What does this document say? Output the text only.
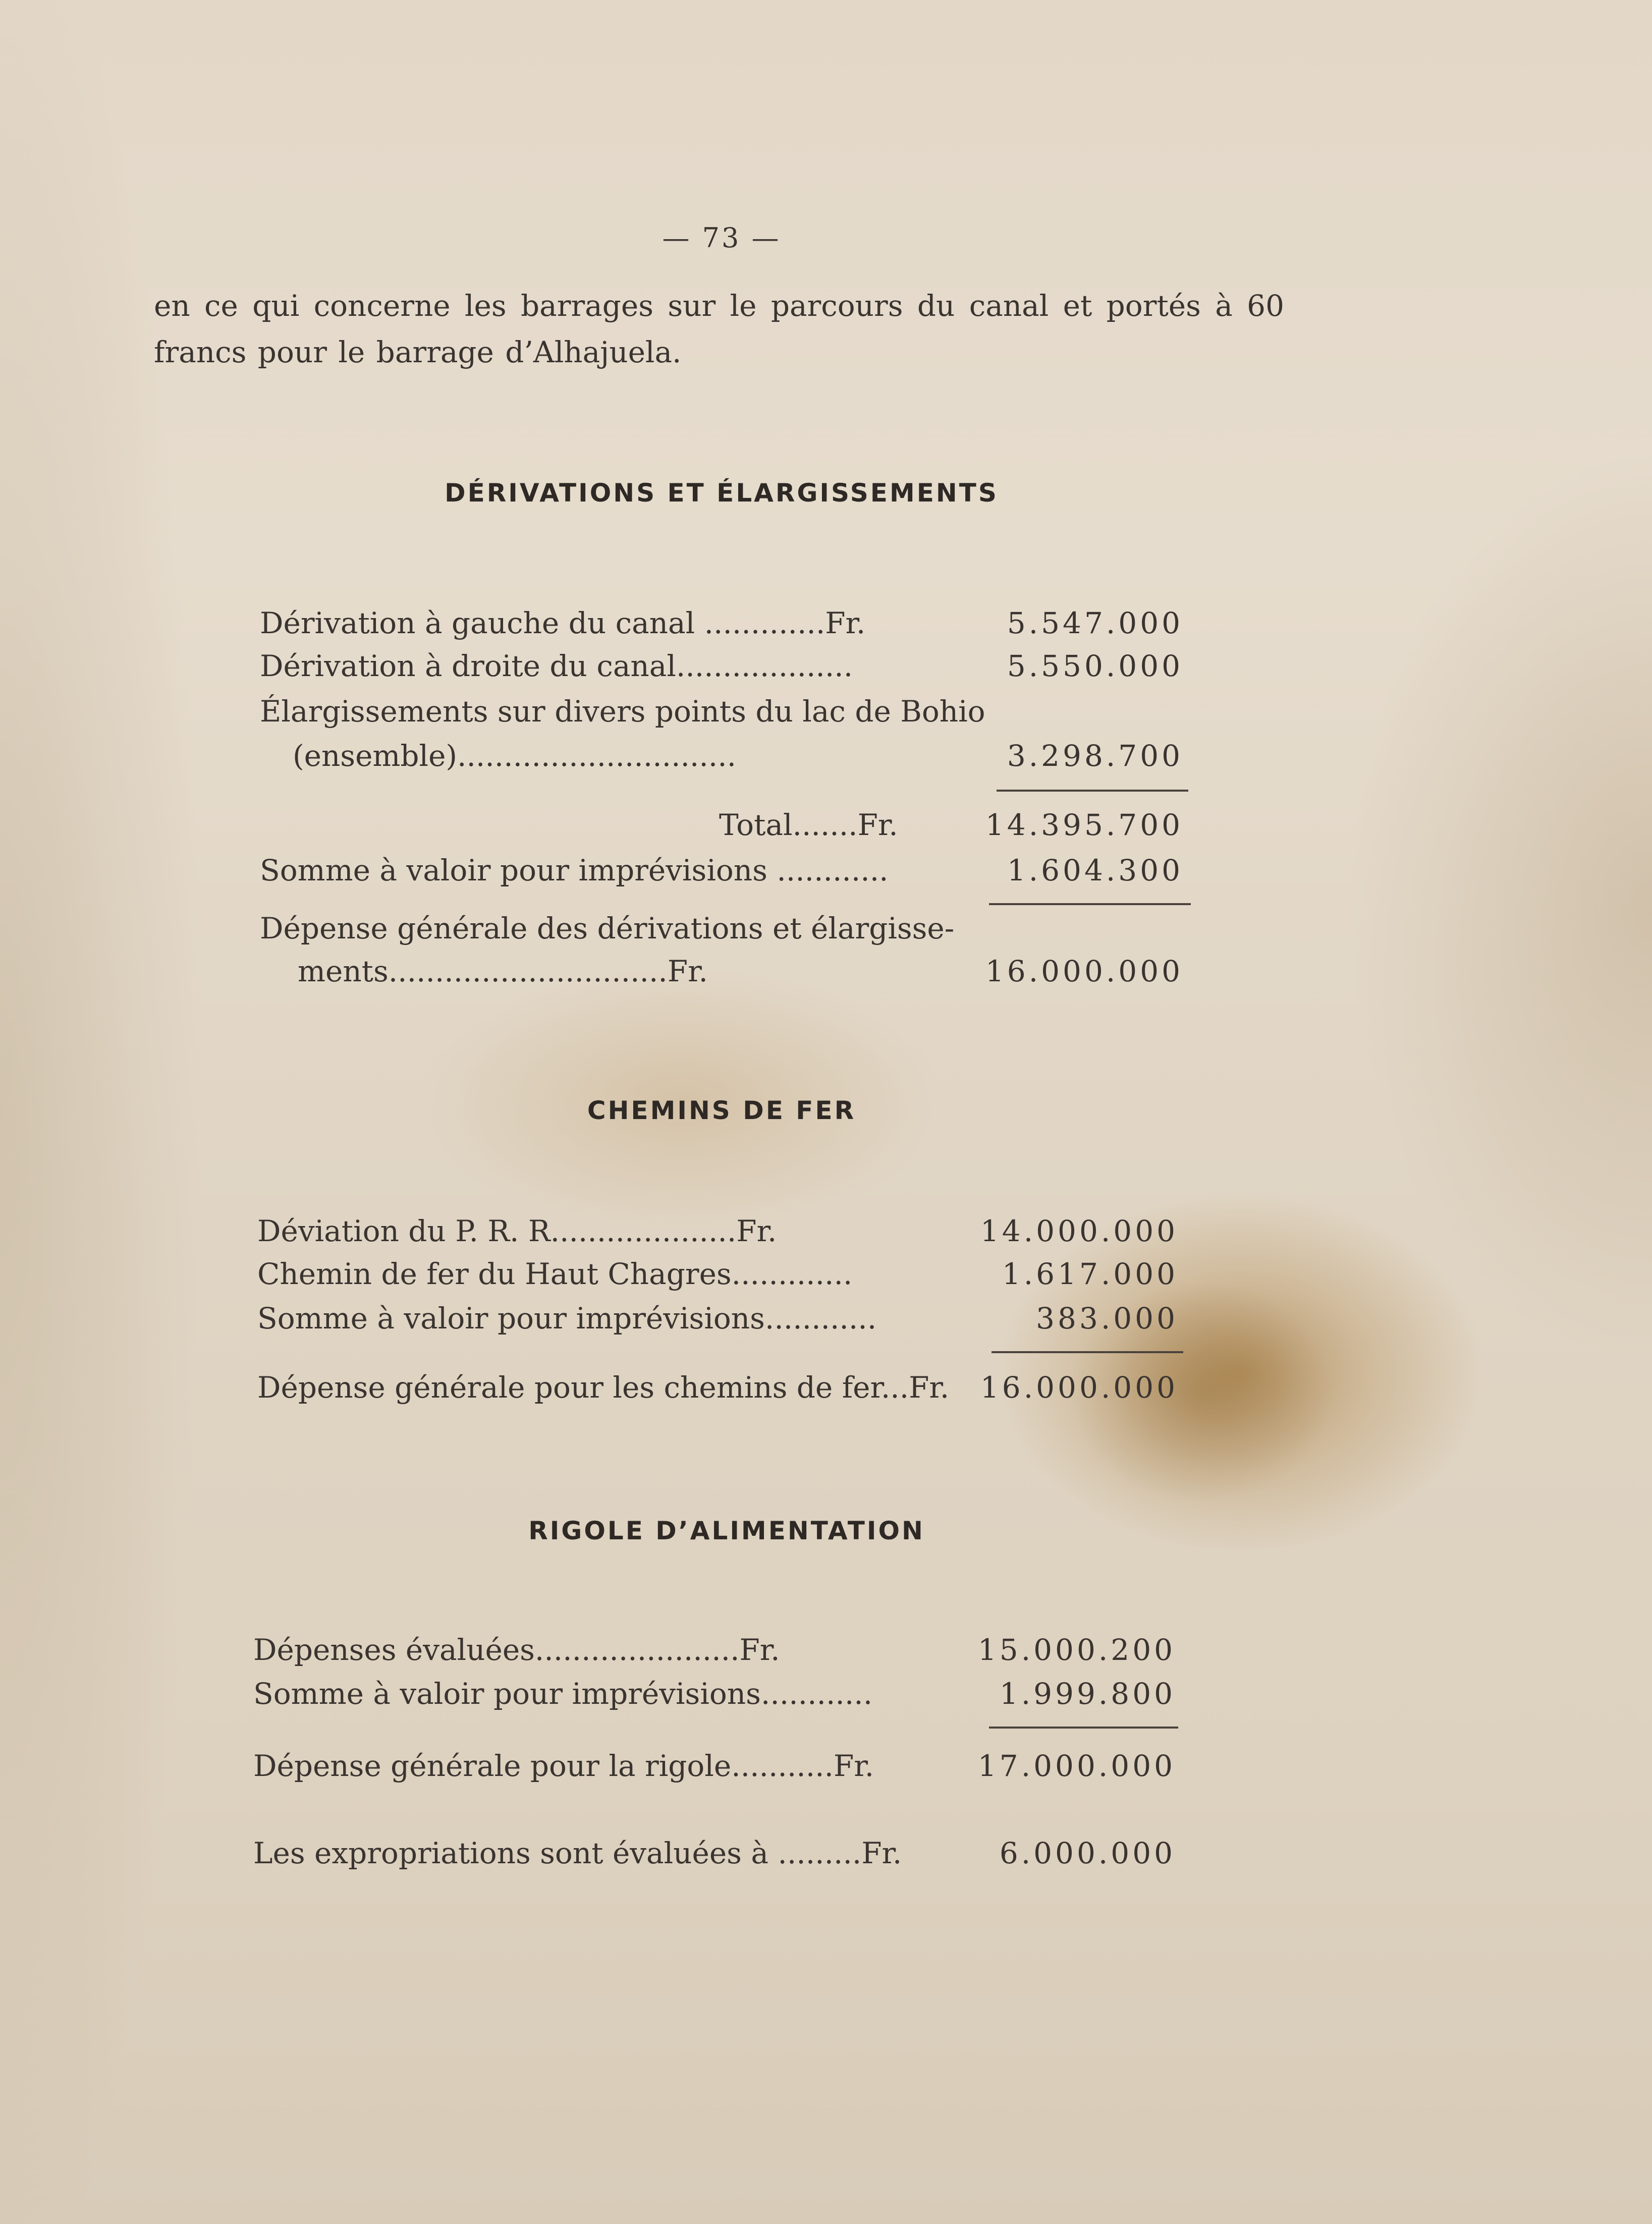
— 73 —
en ce qui concerne les barrages sur le parcours du canal et portés à 60 francs pour le barrage d’Alhajuela.
DÉRIVATIONS ET ÉLARGISSEMENTS
Dérivation à gauche du canal .............Fr.	5.547.000
Dérivation à droite du canal...................	5.550.000
Élargissements sur divers points du lac de Bohio
(ensemble)..............................	3.298.700
Total.......Fr.	14.395.700
Somme à valoir pour imprévisions ............	1.604.300
Dépense générale des dérivations et élargisse-
ments..............................Fr.	16.000.000
CHEMINS DE FER
Déviation du P. R. R....................Fr.	14.000.000
Chemin de fer du Haut Chagres.............	1.617.000
Somme à valoir pour imprévisions............	383.000
Dépense générale pour les chemins de fer...Fr. 16.000.000
RIGOLE D’ALIMENTATION
Dépenses évaluées......................Fr.	15.000.200
Somme à valoir pour imprévisions............	1.999.800
Dépense générale pour la rigole...........Fr.	17.000.000
Les expropriations sont évaluées à .........Fr.	6.000.000
